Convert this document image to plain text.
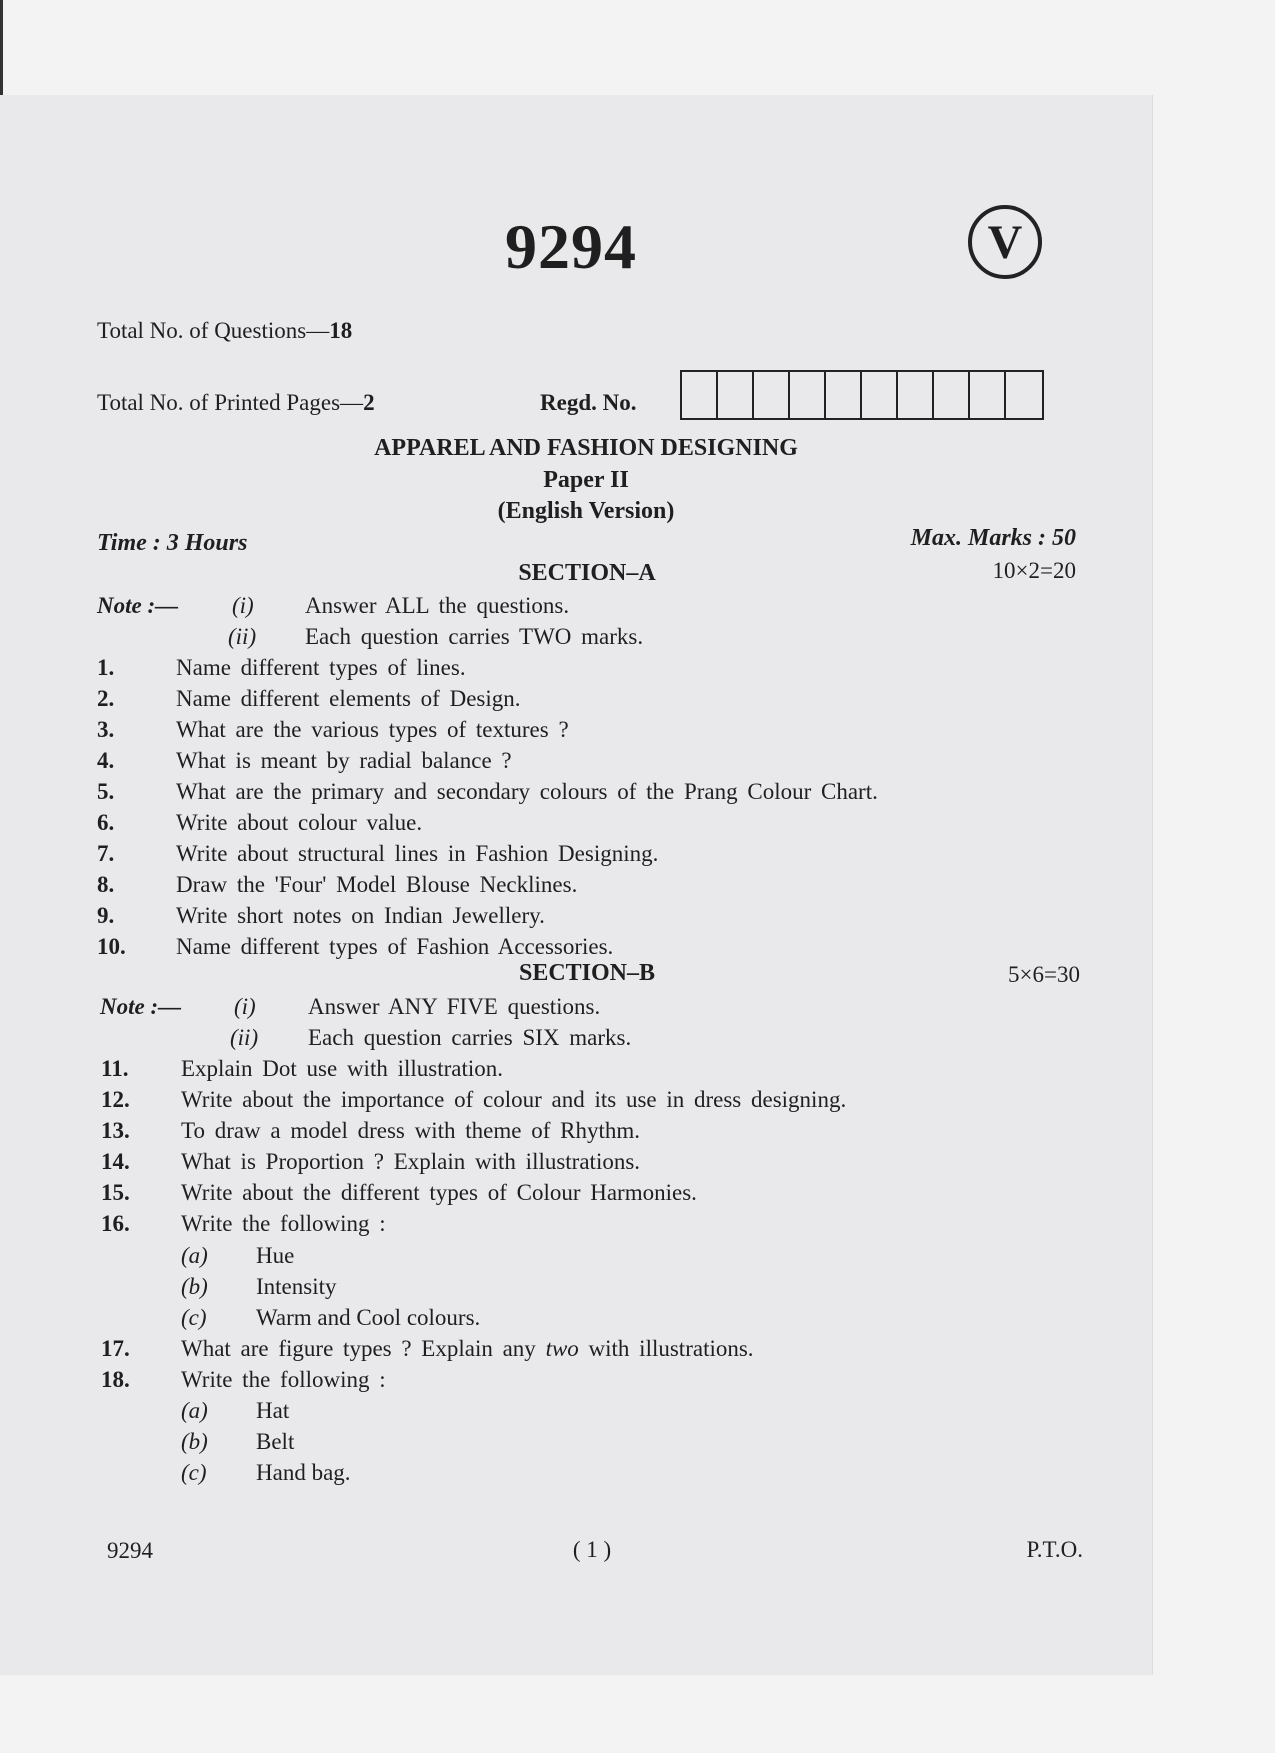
9294	V
Total No. of Questions—18
Total No. of Printed Pages—2	Regd. No.
APPAREL AND FASHION DESIGNING
Paper II
(English Version)
Time : 3 Hours	Max. Marks : 50
SECTION–A	10×2=20
Note :— (i) Answer ALL the questions.
(ii) Each question carries TWO marks.
1.	Name different types of lines.
2.	Name different elements of Design.
3.	What are the various types of textures ?
4.	What is meant by radial balance ?
5.	What are the primary and secondary colours of the Prang Colour Chart.
6.	Write about colour value.
7.	Write about structural lines in Fashion Designing.
8.	Draw the 'Four' Model Blouse Necklines.
9.	Write short notes on Indian Jewellery.
10. Name different types of Fashion Accessories.
SECTION–B	5×6=30
Note :— (i) Answer ANY FIVE questions.
(ii) Each question carries SIX marks.
11. Explain Dot use with illustration.
12. Write about the importance of colour and its use in dress designing.
13. To draw a model dress with theme of Rhythm.
14. What is Proportion ? Explain with illustrations.
15. Write about the different types of Colour Harmonies.
16. Write the following :
(a) Hue
(b) Intensity
(c) Warm and Cool colours.
17. What are figure types ? Explain any two with illustrations.
18. Write the following :
(a) Hat
(b) Belt
(c) Hand bag.
9294	( 1 )	P.T.O.
